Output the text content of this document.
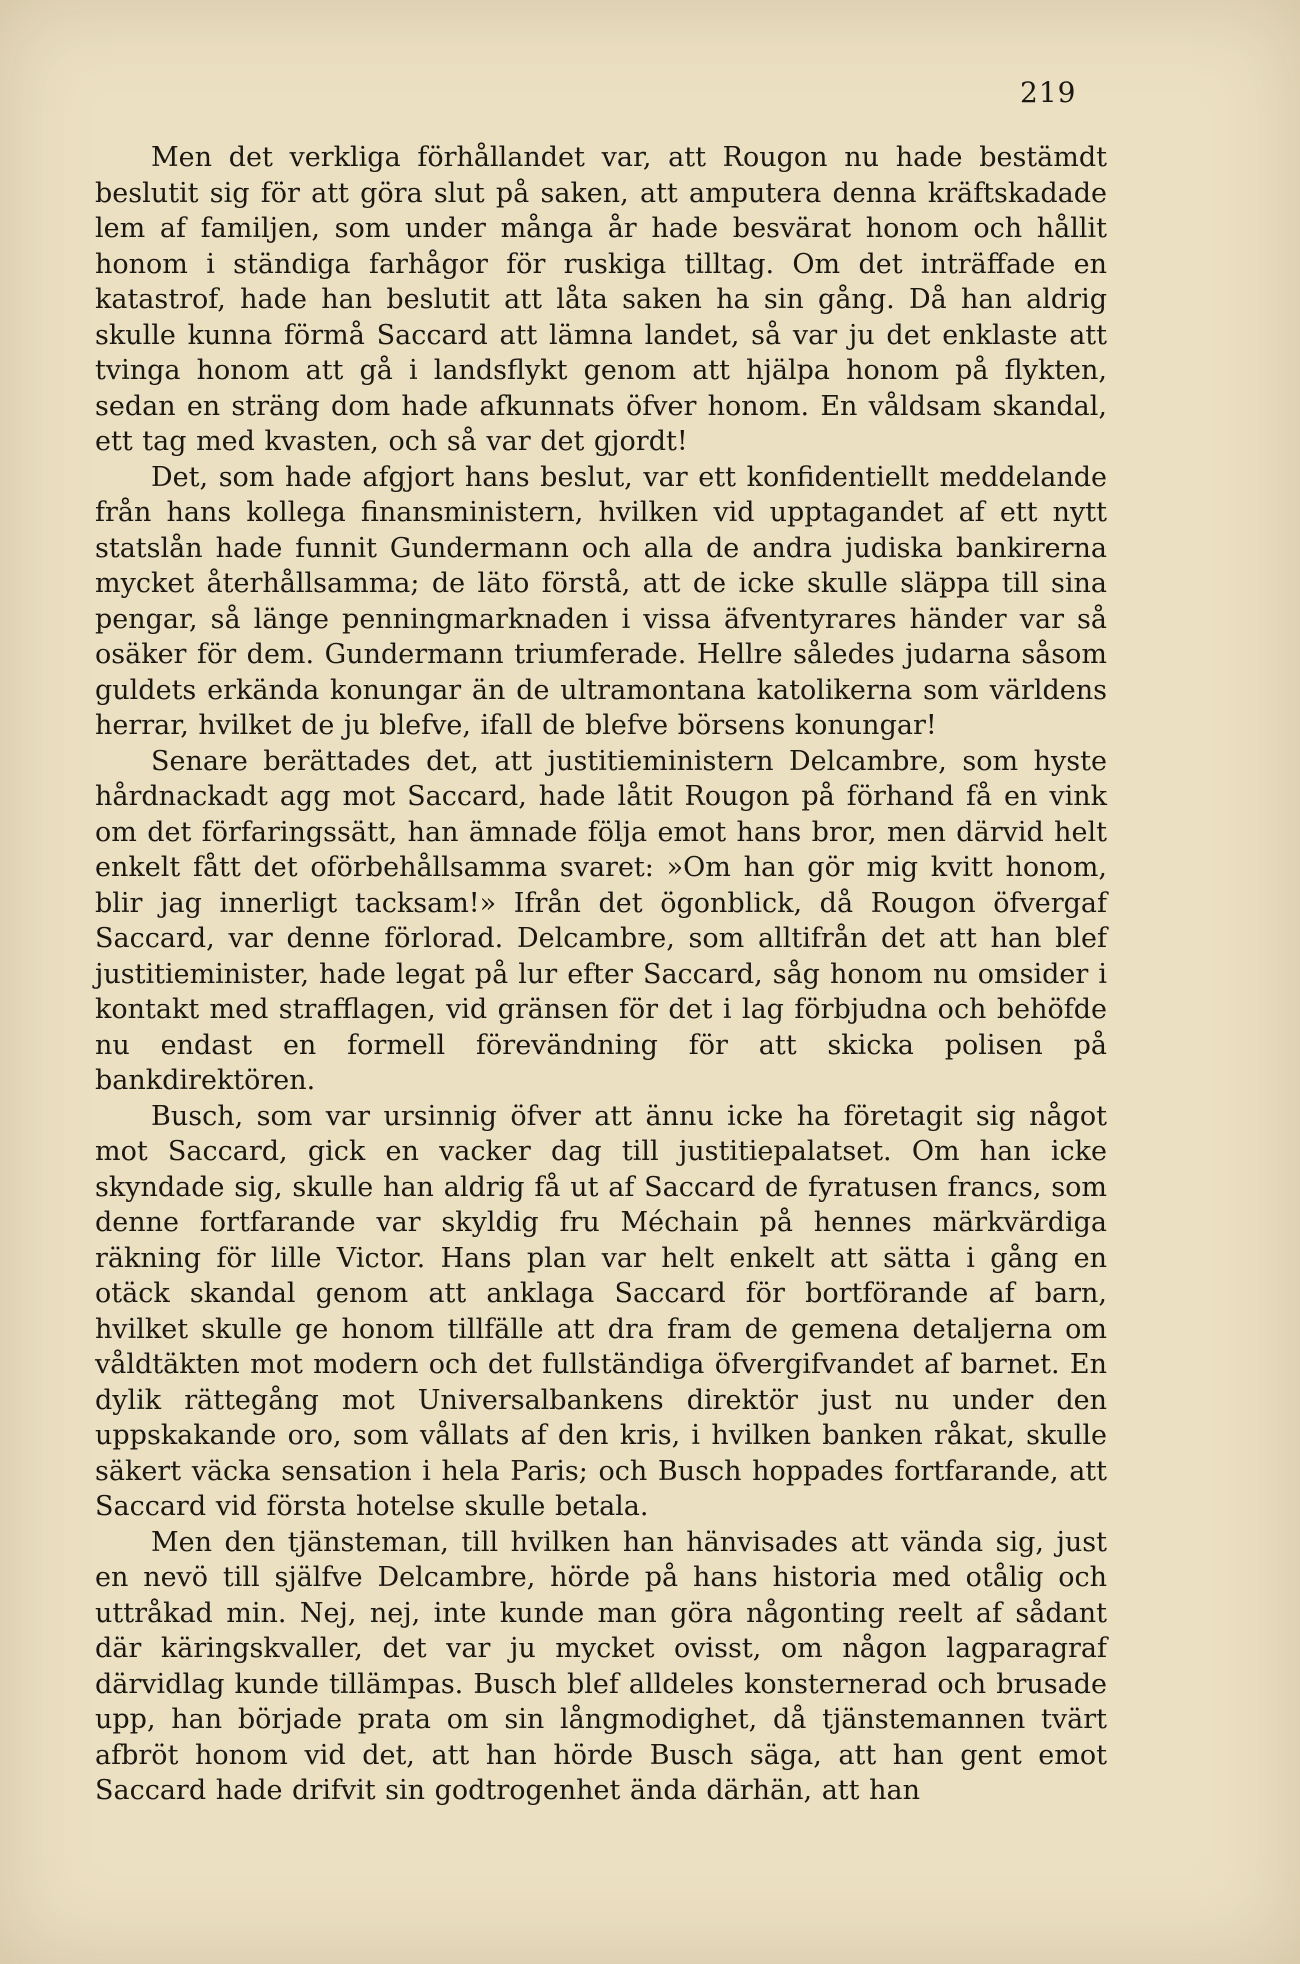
219

Men det verkliga förhållandet var, att Rougon nu hade bestämdt beslutit sig för att göra slut på saken, att amputera denna kräftskadade lem af familjen, som under många år hade besvärat honom och hållit honom i ständiga farhågor för ruskiga tilltag. Om det inträffade en katastrof, hade han beslutit att låta saken ha sin gång. Då han aldrig skulle kunna förmå Saccard att lämna landet, så var ju det enklaste att tvinga honom att gå i landsflykt genom att hjälpa honom på flykten, sedan en sträng dom hade afkunnats öfver honom. En våldsam skandal, ett tag med kvasten, och så var det gjordt!

Det, som hade afgjort hans beslut, var ett konfidentiellt meddelande från hans kollega finansministern, hvilken vid upptagandet af ett nytt statslån hade funnit Gundermann och alla de andra judiska bankirerna mycket återhållsamma; de läto förstå, att de icke skulle släppa till sina pengar, så länge penningmarknaden i vissa äfventyrares händer var så osäker för dem. Gundermann triumferade. Hellre således judarna såsom guldets erkända konungar än de ultramontana katolikerna som världens herrar, hvilket de ju blefve, ifall de blefve börsens konungar!

Senare berättades det, att justitieministern Delcambre, som hyste hårdnackadt agg mot Saccard, hade låtit Rougon på förhand få en vink om det förfaringssätt, han ämnade följa emot hans bror, men därvid helt enkelt fått det oförbehållsamma svaret: »Om han gör mig kvitt honom, blir jag innerligt tacksam!» Ifrån det ögonblick, då Rougon öfvergaf Saccard, var denne förlorad. Delcambre, som alltifrån det att han blef justitieminister, hade legat på lur efter Saccard, såg honom nu omsider i kontakt med strafflagen, vid gränsen för det i lag förbjudna och behöfde nu endast en formell förevändning för att skicka polisen på bankdirektören.

Busch, som var ursinnig öfver att ännu icke ha företagit sig något mot Saccard, gick en vacker dag till justitiepalatset. Om han icke skyndade sig, skulle han aldrig få ut af Saccard de fyratusen francs, som denne fortfarande var skyldig fru Méchain på hennes märkvärdiga räkning för lille Victor. Hans plan var helt enkelt att sätta i gång en otäck skandal genom att anklaga Saccard för bortförande af barn, hvilket skulle ge honom tillfälle att dra fram de gemena detaljerna om våldtäkten mot modern och det fullständiga öfvergifvandet af barnet. En dylik rättegång mot Universalbankens direktör just nu under den uppskakande oro, som vållats af den kris, i hvilken banken råkat, skulle säkert väcka sensation i hela Paris; och Busch hoppades fortfarande, att Saccard vid första hotelse skulle betala.

Men den tjänsteman, till hvilken han hänvisades att vända sig, just en nevö till själfve Delcambre, hörde på hans historia med otålig och uttråkad min. Nej, nej, inte kunde man göra någonting reelt af sådant där käringskvaller, det var ju mycket ovisst, om någon lagparagraf därvidlag kunde tillämpas. Busch blef alldeles konsternerad och brusade upp, han började prata om sin långmodighet, då tjänstemannen tvärt afbröt honom vid det, att han hörde Busch säga, att han gent emot Saccard hade drifvit sin godtrogenhet ända därhän, att han
